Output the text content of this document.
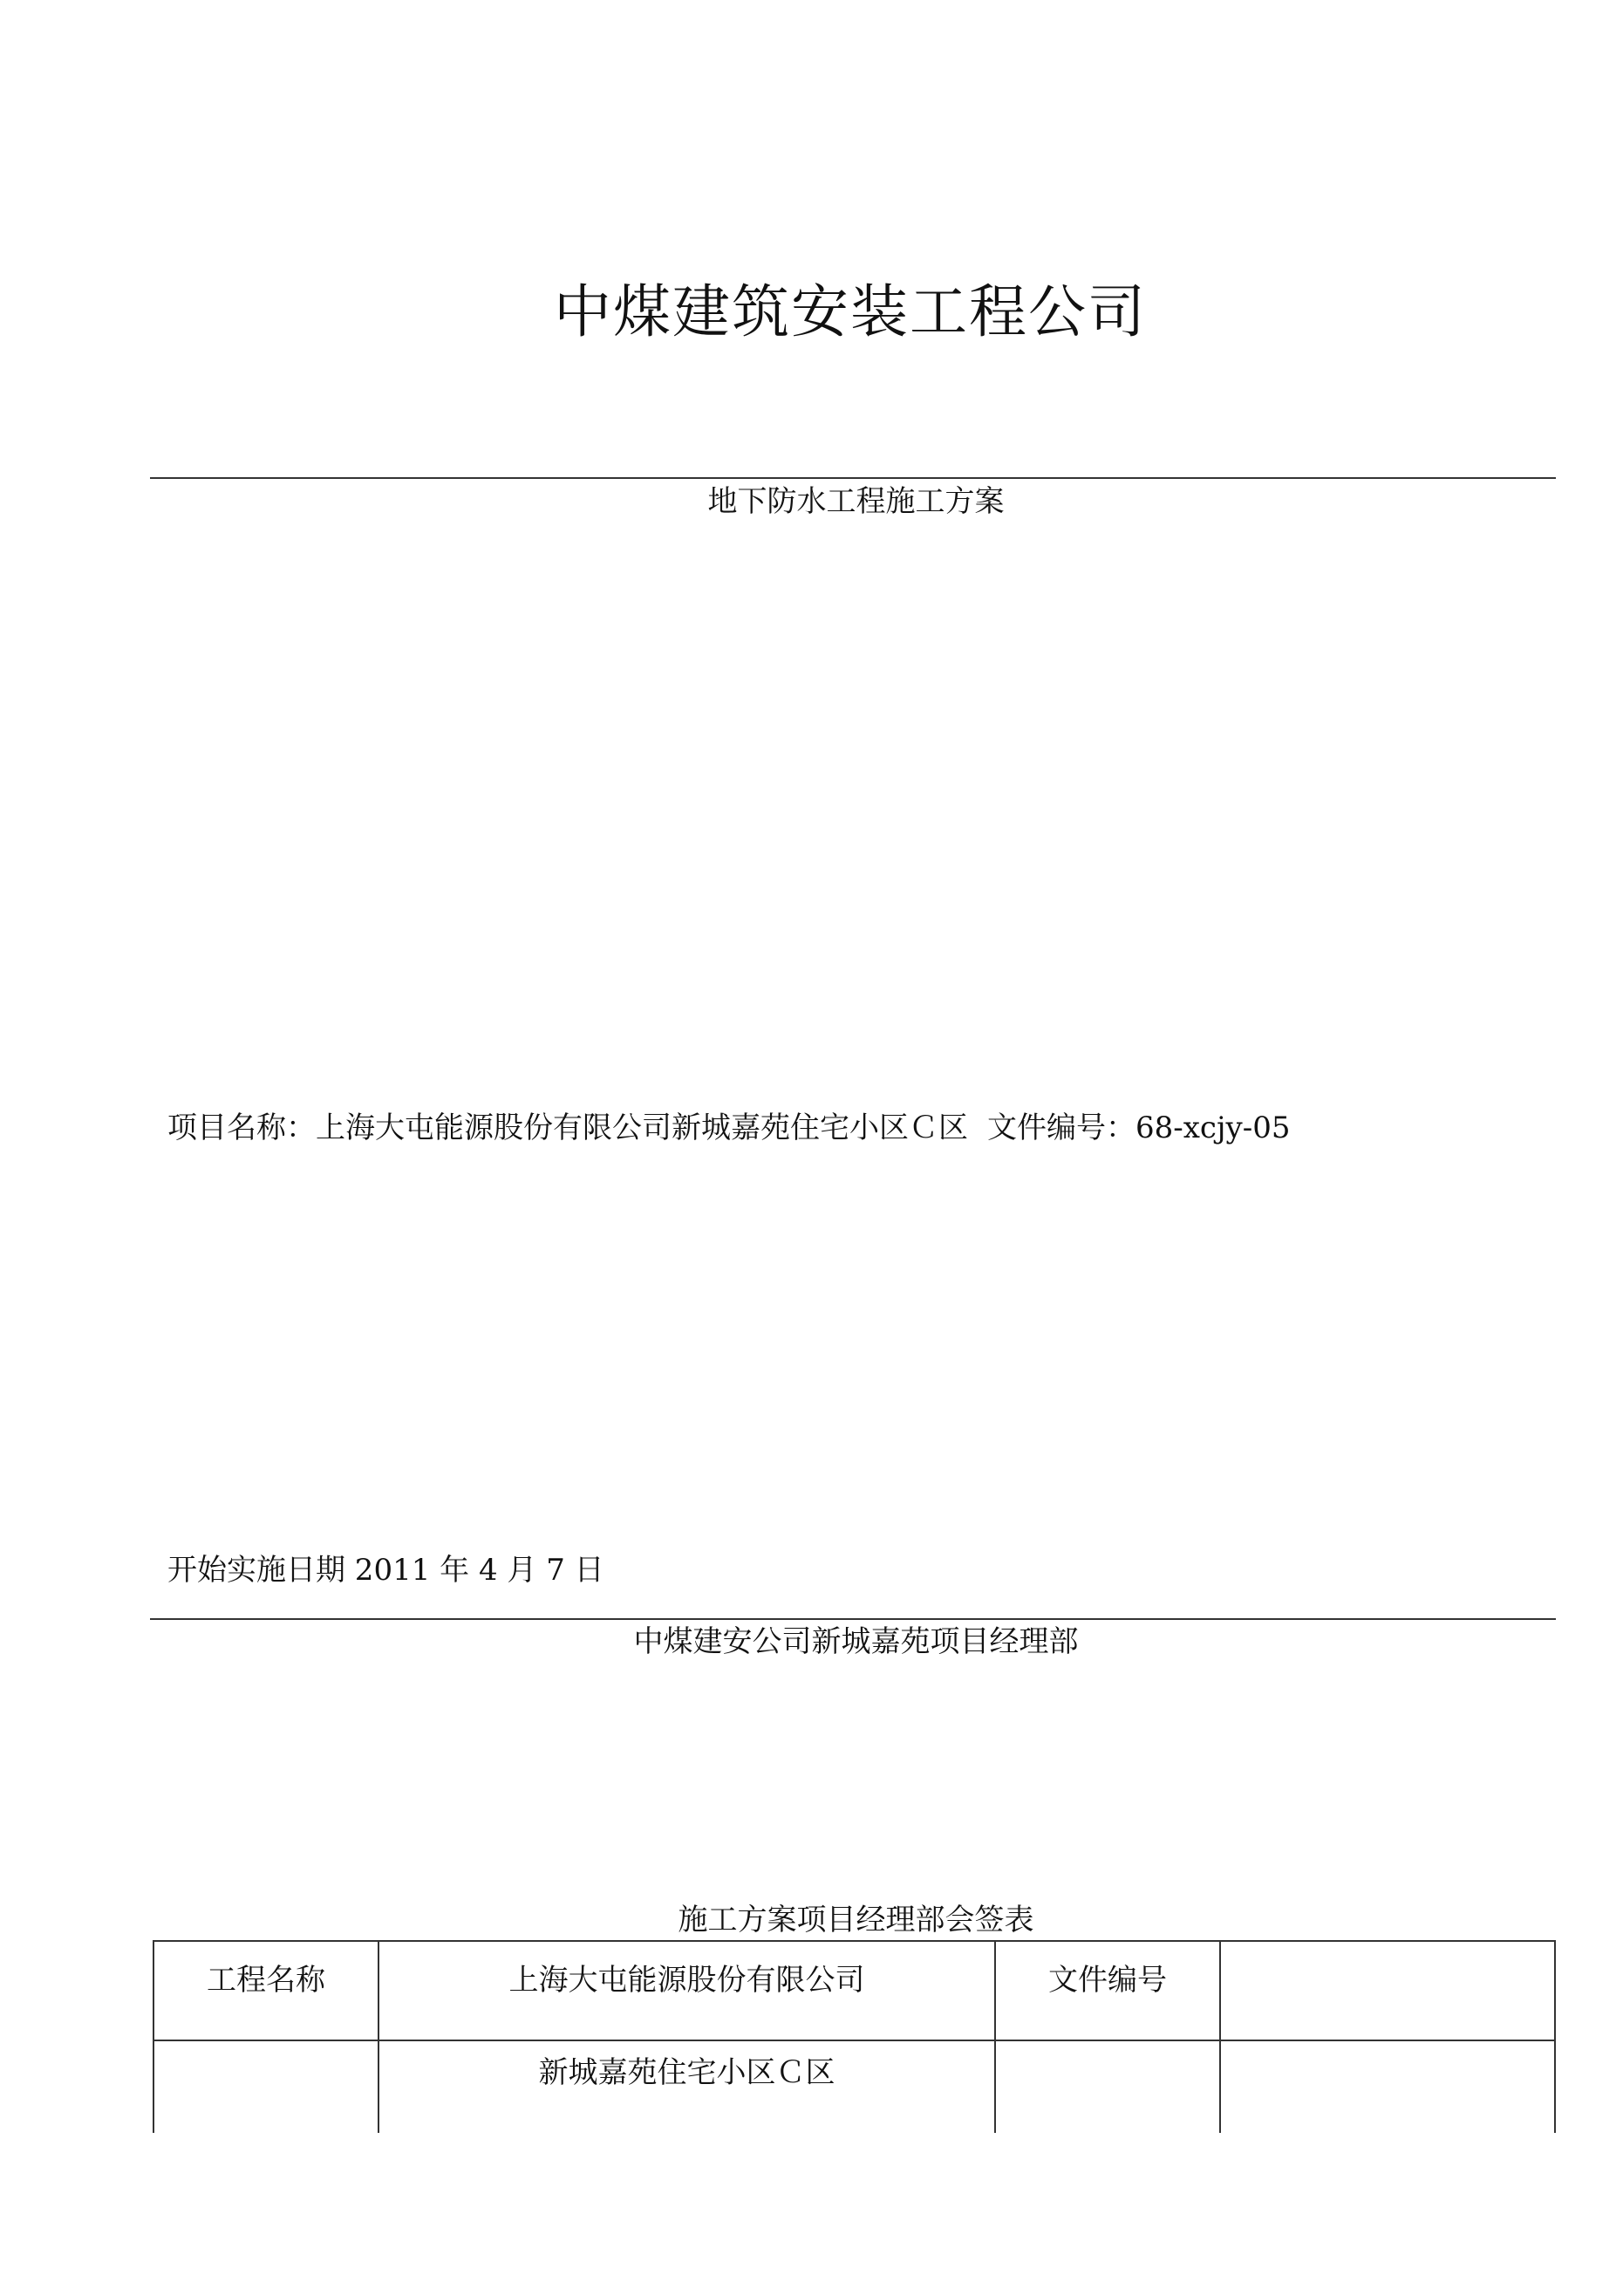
中煤建筑安装工程公司
地下防水工程施工方案
项目名称：上海大屯能源股份有限公司新城嘉苑住宅小区Ｃ区 文件编号：68-xcjy-05
开始实施日期 2011 年 4 月 7 日
中煤建安公司新城嘉苑项目经理部
施工方案项目经理部会签表
工程名称	上海大屯能源股份有限公司	文件编号	
	新城嘉苑住宅小区Ｃ区		
